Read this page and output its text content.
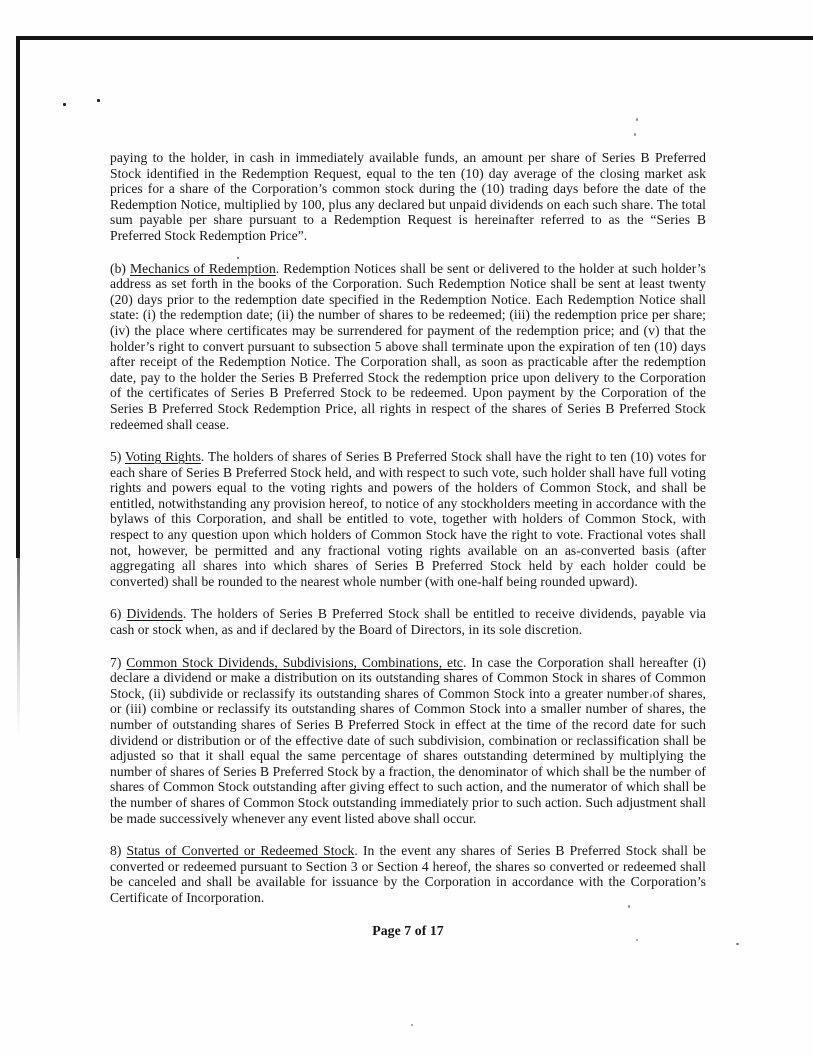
paying to the holder, in cash in immediately available funds, an amount per share of Series B Preferred Stock identified in the Redemption Request, equal to the ten (10) day average of the closing market ask prices for a share of the Corporation’s common stock during the (10) trading days before the date of the Redemption Notice, multiplied by 100, plus any declared but unpaid dividends on each such share. The total sum payable per share pursuant to a Redemption Request is hereinafter referred to as the “Series B Preferred Stock Redemption Price”.

(b) Mechanics of Redemption. Redemption Notices shall be sent or delivered to the holder at such holder’s address as set forth in the books of the Corporation. Such Redemption Notice shall be sent at least twenty (20) days prior to the redemption date specified in the Redemption Notice. Each Redemption Notice shall state: (i) the redemption date; (ii) the number of shares to be redeemed; (iii) the redemption price per share; (iv) the place where certificates may be surrendered for payment of the redemption price; and (v) that the holder’s right to convert pursuant to subsection 5 above shall terminate upon the expiration of ten (10) days after receipt of the Redemption Notice. The Corporation shall, as soon as practicable after the redemption date, pay to the holder the Series B Preferred Stock the redemption price upon delivery to the Corporation of the certificates of Series B Preferred Stock to be redeemed. Upon payment by the Corporation of the Series B Preferred Stock Redemption Price, all rights in respect of the shares of Series B Preferred Stock redeemed shall cease.

5) Voting Rights. The holders of shares of Series B Preferred Stock shall have the right to ten (10) votes for each share of Series B Preferred Stock held, and with respect to such vote, such holder shall have full voting rights and powers equal to the voting rights and powers of the holders of Common Stock, and shall be entitled, notwithstanding any provision hereof, to notice of any stockholders meeting in accordance with the bylaws of this Corporation, and shall be entitled to vote, together with holders of Common Stock, with respect to any question upon which holders of Common Stock have the right to vote. Fractional votes shall not, however, be permitted and any fractional voting rights available on an as-converted basis (after aggregating all shares into which shares of Series B Preferred Stock held by each holder could be converted) shall be rounded to the nearest whole number (with one-half being rounded upward).

6) Dividends. The holders of Series B Preferred Stock shall be entitled to receive dividends, payable via cash or stock when, as and if declared by the Board of Directors, in its sole discretion.

7) Common Stock Dividends, Subdivisions, Combinations, etc. In case the Corporation shall hereafter (i) declare a dividend or make a distribution on its outstanding shares of Common Stock in shares of Common Stock, (ii) subdivide or reclassify its outstanding shares of Common Stock into a greater number of shares, or (iii) combine or reclassify its outstanding shares of Common Stock into a smaller number of shares, the number of outstanding shares of Series B Preferred Stock in effect at the time of the record date for such dividend or distribution or of the effective date of such subdivision, combination or reclassification shall be adjusted so that it shall equal the same percentage of shares outstanding determined by multiplying the number of shares of Series B Preferred Stock by a fraction, the denominator of which shall be the number of shares of Common Stock outstanding after giving effect to such action, and the numerator of which shall be the number of shares of Common Stock outstanding immediately prior to such action. Such adjustment shall be made successively whenever any event listed above shall occur.

8) Status of Converted or Redeemed Stock. In the event any shares of Series B Preferred Stock shall be converted or redeemed pursuant to Section 3 or Section 4 hereof, the shares so converted or redeemed shall be canceled and shall be available for issuance by the Corporation in accordance with the Corporation’s Certificate of Incorporation.

Page 7 of 17
